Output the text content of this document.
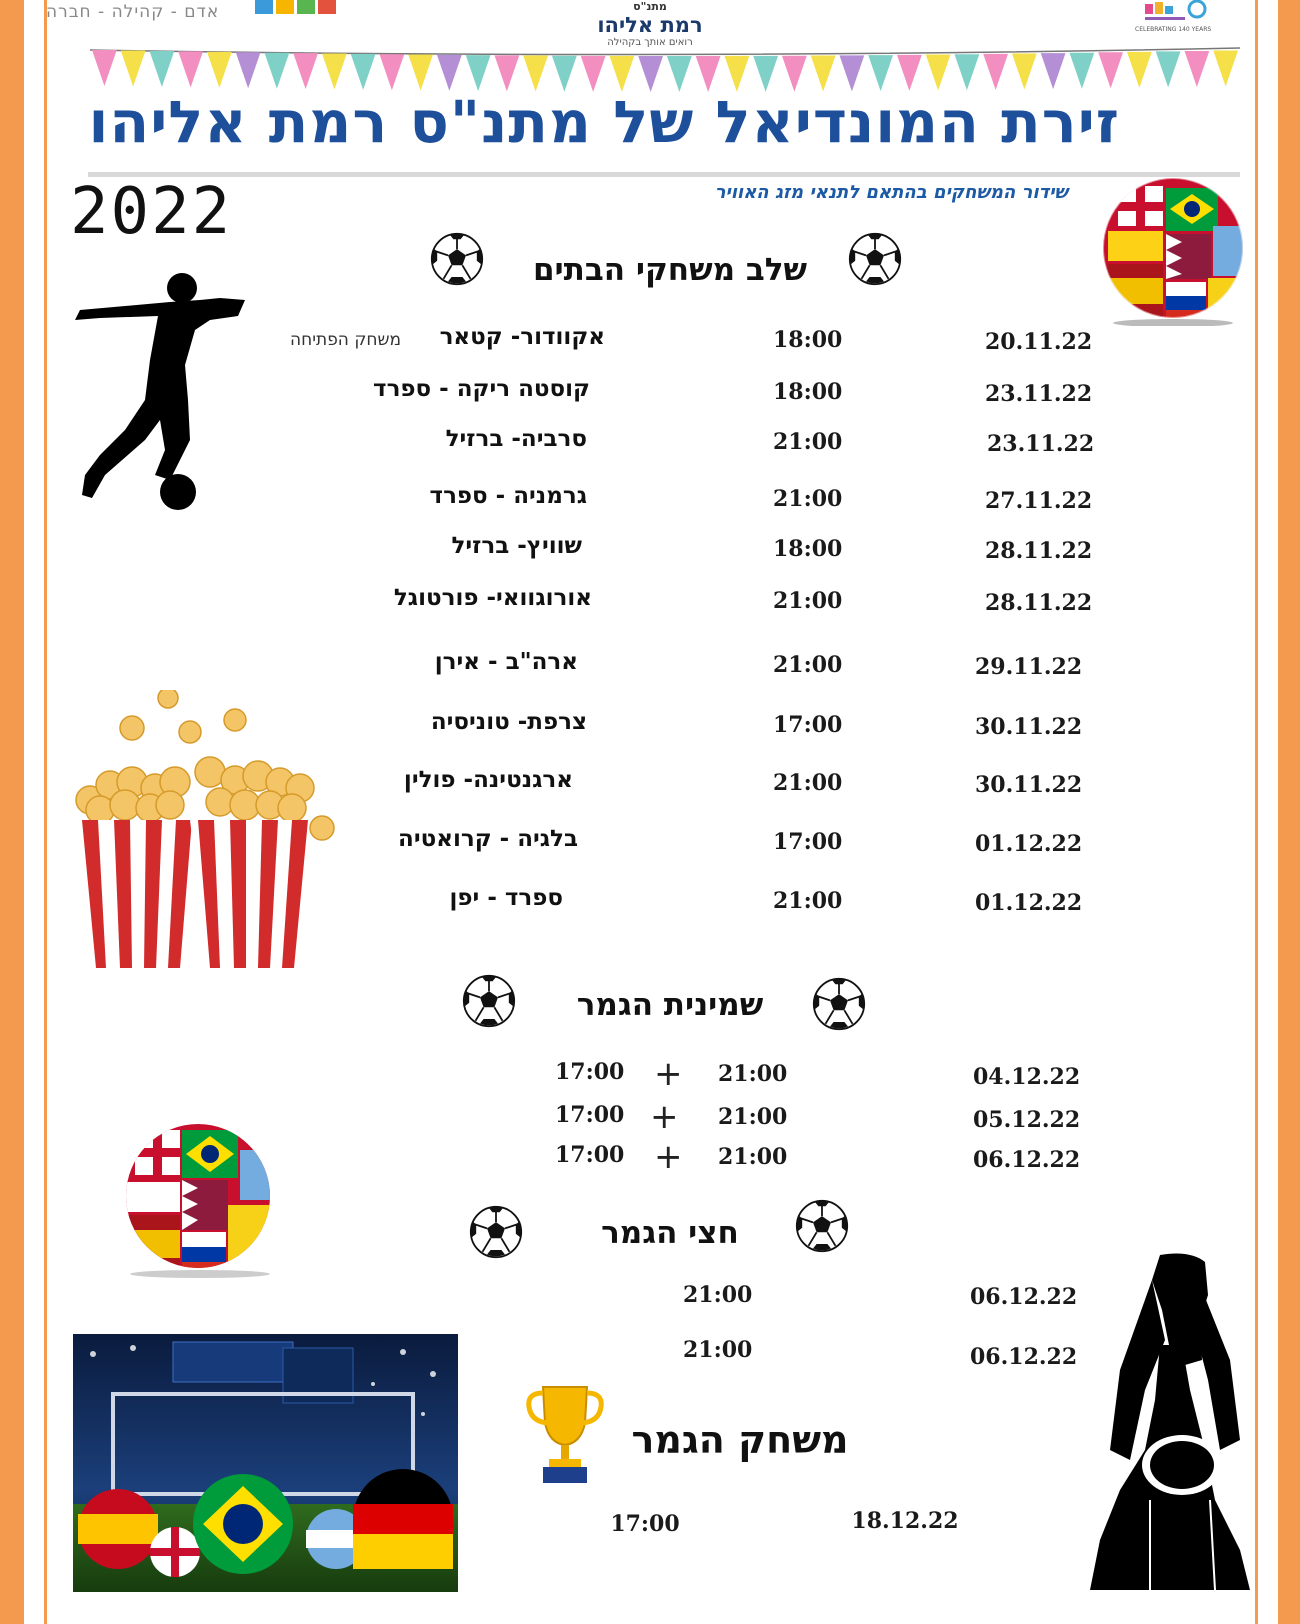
אדם - קהילה - חברה	מתנ"ס
רמת אליהו
רואים אותך בקהילה
CELEBRATING 140 YEARS
זירת המונדיאל של מתנ"ס רמת אליהו
2022	שידור המשחקים בהתאם לתנאי מזג האוויר
שלב משחקי הבתים
20.11.22
18:00
אקוודור- קטאר
משחק הפתיחה
23.11.22
18:00
קוסטה ריקה - ספרד
23.11.22
21:00
סרביה- ברזיל
27.11.22
21:00
גרמניה - ספרד
28.11.22
18:00
שוויץ- ברזיל
28.11.22
21:00
אורוגוואי- פורטוגל
29.11.22
21:00
ארה"ב - אירן
30.11.22
17:00
צרפת- טוניסיה
30.11.22
21:00
ארגנטינה- פולין
01.12.22
17:00
בלגיה - קרואטיה
01.12.22
21:00
ספרד - יפן
שמינית הגמר
04.12.22
21:00
+
17:00
05.12.22
21:00
+
17:00
06.12.22
21:00
+
17:00
חצי הגמר
06.12.22
21:00
06.12.22
21:00
משחק הגמר
18.12.22
17:00
